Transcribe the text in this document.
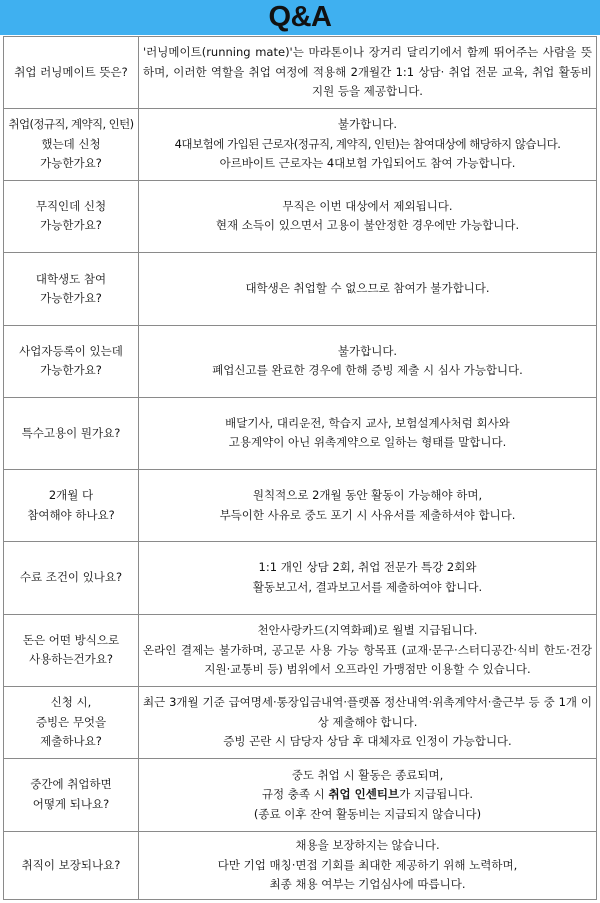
Q&A
취업 러닝메이트 뜻은?	'러닝메이트(running mate)'는 마라톤이나 장거리 달리기에서 함께 뛰어주는 사람을 뜻하며, 이러한 역할을 취업 여정에 적용해 2개월간 1:1 상담· 취업 전문 교육, 취업 활동비 지원 등을 제공합니다.

취업(정규직, 계약직, 인턴)
했는데 신청
가능한가요?	불가합니다.
4대보험에 가입된 근로자(정규직, 계약직, 인턴)는 참여대상에 해당하지 않습니다.
아르바이트 근로자는 4대보험 가입되어도 참여 가능합니다.

무직인데 신청
가능한가요?	무직은 이번 대상에서 제외됩니다.
현재 소득이 있으면서 고용이 불안정한 경우에만 가능합니다.

대학생도 참여
가능한가요?	대학생은 취업할 수 없으므로 참여가 불가합니다.

사업자등록이 있는데
가능한가요?	불가합니다.
폐업신고를 완료한 경우에 한해 증빙 제출 시 심사 가능합니다.

특수고용이 뭔가요?	배달기사, 대리운전, 학습지 교사, 보험설계사처럼 회사와
고용계약이 아닌 위촉계약으로 일하는 형태를 말합니다.

2개월 다
참여해야 하나요?	원칙적으로 2개월 동안 활동이 가능해야 하며,
부득이한 사유로 중도 포기 시 사유서를 제출하셔야 합니다.

수료 조건이 있나요?	1:1 개인 상담 2회, 취업 전문가 특강 2회와
활동보고서, 결과보고서를 제출하여야 합니다.

돈은 어떤 방식으로
사용하는건가요?	천안사랑카드(지역화폐)로 월별 지급됩니다.
온라인 결제는 불가하며, 공고문 사용 가능 항목표 (교재·문구·스터디공간·식비 한도·건강지원·교통비 등) 범위에서 오프라인 가맹점만 이용할 수 있습니다.

신청 시,
증빙은 무엇을
제출하나요?	최근 3개월 기준 급여명세·통장입금내역·플랫폼 정산내역·위촉계약서·출근부 등 중 1개 이상 제출해야 합니다.
증빙 곤란 시 담당자 상담 후 대체자료 인정이 가능합니다.

중간에 취업하면
어떻게 되나요?	중도 취업 시 활동은 종료되며,
규정 충족 시 취업 인센티브가 지급됩니다.
(종료 이후 잔여 활동비는 지급되지 않습니다)

취직이 보장되나요?	채용을 보장하지는 않습니다.
다만 기업 매칭·면접 기회를 최대한 제공하기 위해 노력하며,
최종 채용 여부는 기업심사에 따릅니다.
